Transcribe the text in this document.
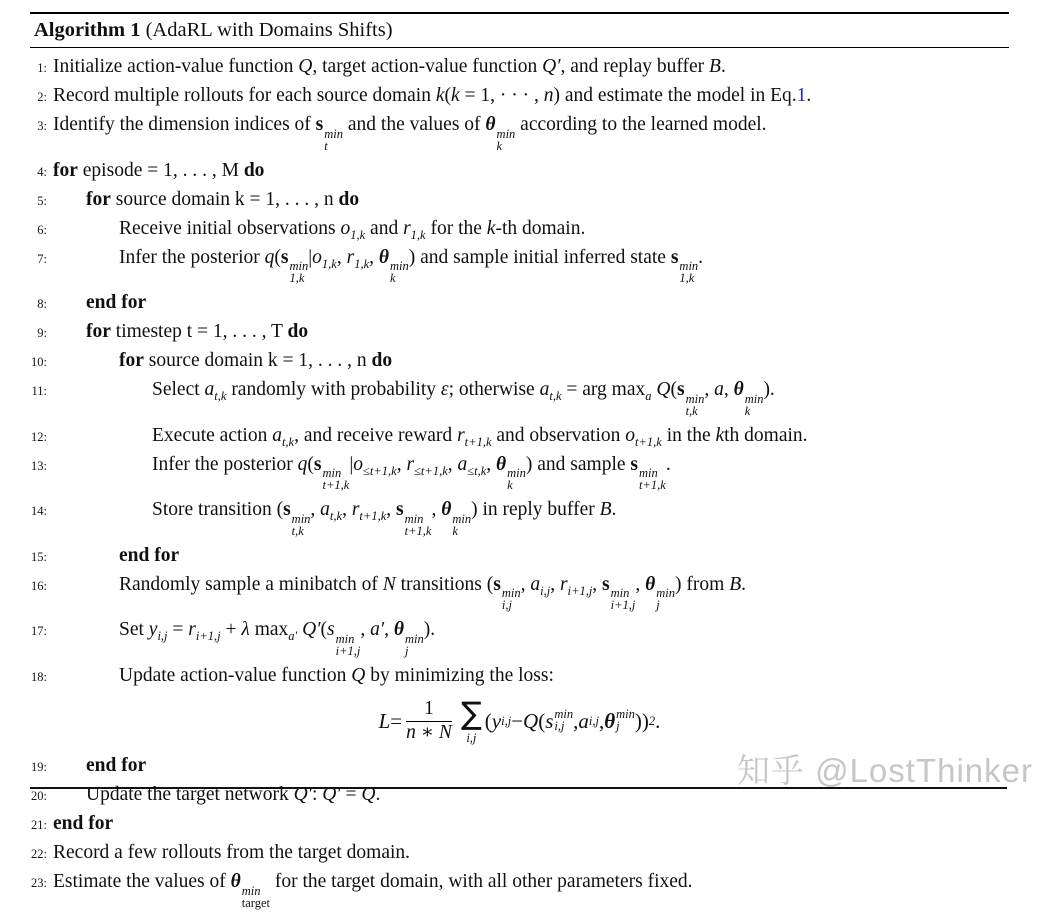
Algorithm 1 (AdaRL with Domains Shifts)
1: Initialize action-value function Q, target action-value function Q′, and replay buffer B.
2: Record multiple rollouts for each source domain k(k = 1, · · · , n) and estimate the model in Eq.1.
3: Identify the dimension indices of s min
t
and the values of θ min
k
according to the learned model.
4: for episode = 1, . . . , M do
5: for source domain k = 1, . . . , n do
6:	Receive initial observations $o_{1,k}$ and $r_{1,k}$ for the k-th domain.
7:	Infer the posterior q(s min
1,k
$|o_{1,k}$, $r_{1,k}$, θ min
k
) and sample initial inferred state s min
1,k
.
8: end for
9: for timestep t = 1, . . . , T do
10:	for source domain k = 1, . . . , n do
11:	Select $a_{t,k}$ randomly with probability ε; otherwise $a_{t,k}$ = arg $\max_a Q(s$ min
t,k
, a, θ min
k
).
12:	Execute action $a_{t,k}$, and receive reward $r_{t+1,k}$ and observation $o_{t+1,k}$ in the kth domain.
13:	Infer the posterior q(s min
t+1,k
$|o_{\le t+1,k}$, $r_{\le t+1,k}$, $a_{\le t,k}$, θ min
k
) and sample s min
t+1,k
.
14:	Store transition (s min
t,k
, $a_{t,k}$, $r_{t+1,k}$, s min
t+1,k
, θ min
k
) in reply buffer B.
15:	end for
16:	Randomly sample a minibatch of N transitions (s min
i,j
, $a_{i,j}$, $r_{i+1,j}$, s min
i+1,j
, θ min
j
) from B.
17:	Set $y_{i,j} = r_{i+1,j} + \lambda$ $\max_{a'} Q'(s$ min
i+1,j
, a′, θ min
j
).
18:	Update action-value function Q by minimizing the loss:
$L = \frac{1}{n ∗ N}$ ∑
i,j
( y i,j − Q ( s min
i,j , a i,j , θ min
j )) 2 .
19: end for
20: Update the target network Q′: Q′ = Q.
21: end for
22: Record a few rollouts from the target domain.
23: Estimate the values of θ min
target
for the target domain, with all other parameters fixed.
知乎 @LostThinker
